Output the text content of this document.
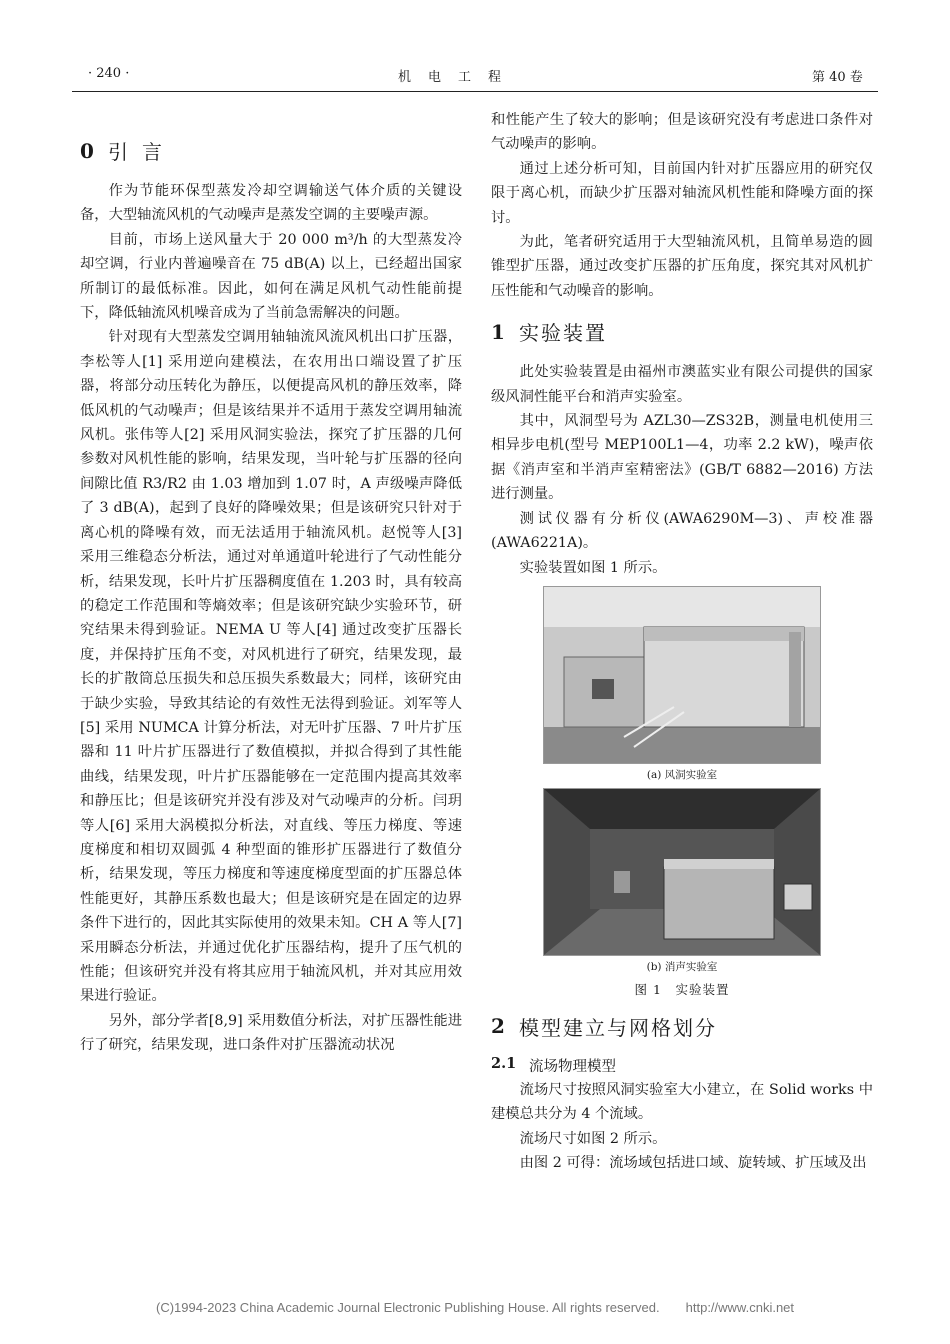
· 240 ·	机　电　工　程	第 40 卷
0 引言

作为节能环保型蒸发冷却空调输送气体介质的关键设备，大型轴流风机的气动噪声是蒸发空调的主要噪声源。

目前，市场上送风量大于 20 000 m³/h 的大型蒸发冷却空调，行业内普遍噪音在 75 dB(A) 以上，已经超出国家所制订的最低标准。因此，如何在满足风机气动性能前提下，降低轴流风机噪音成为了当前急需解决的问题。

针对现有大型蒸发空调用轴轴流风流风机出口扩压器，李松等人[1] 采用逆向建模法，在农用出口端设置了扩压器，将部分动压转化为静压，以便提高风机的静压效率，降低风机的气动噪声；但是该结果并不适用于蒸发空调用轴流风机。张伟等人[2] 采用风洞实验法，探究了扩压器的几何参数对风机性能的影响，结果发现，当叶轮与扩压器的径向间隙比值 R3/R2 由 1.03 增加到 1.07 时，A 声级噪声降低了 3 dB(A)，起到了良好的降噪效果；但是该研究只针对于离心机的降噪有效，而无法适用于轴流风机。赵悦等人[3] 采用三维稳态分析法，通过对单通道叶轮进行了气动性能分析，结果发现，长叶片扩压器稠度值在 1.203 时，具有较高的稳定工作范围和等熵效率；但是该研究缺少实验环节，研究结果未得到验证。NEMA U 等人[4] 通过改变扩压器长度，并保持扩压角不变，对风机进行了研究，结果发现，最长的扩散筒总压损失和总压损失系数最大；同样，该研究由于缺少实验，导致其结论的有效性无法得到验证。刘军等人[5] 采用 NUMCA 计算分析法，对无叶扩压器、7 叶片扩压器和 11 叶片扩压器进行了数值模拟，并拟合得到了其性能曲线，结果发现，叶片扩压器能够在一定范围内提高其效率和静压比；但是该研究并没有涉及对气动噪声的分析。闫玥等人[6] 采用大涡模拟分析法，对直线、等压力梯度、等速度梯度和相切双圆弧 4 种型面的锥形扩压器进行了数值分析，结果发现，等压力梯度和等速度梯度型面的扩压器总体性能更好，其静压系数也最大；但是该研究是在固定的边界条件下进行的，因此其实际使用的效果未知。CH A 等人[7] 采用瞬态分析法，并通过优化扩压器结构，提升了压气机的性能；但该研究并没有将其应用于轴流风机，并对其应用效果进行验证。

另外，部分学者[8,9] 采用数值分析法，对扩压器性能进行了研究，结果发现，进口条件对扩压器流动状况

和性能产生了较大的影响；但是该研究没有考虑进口条件对气动噪声的影响。

通过上述分析可知，目前国内针对扩压器应用的研究仅限于离心机，而缺少扩压器对轴流风机性能和降噪方面的探讨。

为此，笔者研究适用于大型轴流风机，且简单易造的圆锥型扩压器，通过改变扩压器的扩压角度，探究其对风机扩压性能和气动噪音的影响。

1 实验装置

此处实验装置是由福州市澳蓝实业有限公司提供的国家级风洞性能平台和消声实验室。

其中，风洞型号为 AZL30—ZS32B，测量电机使用三相异步电机(型号 MEP100L1—4，功率 2.2 kW)，噪声依据《消声室和半消声室精密法》(GB/T 6882—2016) 方法进行测量。

测试仪器有分析仪(AWA6290M—3)、声校准器(AWA6221A)。

实验装置如图 1 所示。

(a) 风洞实验室
(b) 消声实验室
图 1　实验装置
2 模型建立与网格划分
2.1 流场物理模型

流场尺寸按照风洞实验室大小建立，在 Solid works 中建模总共分为 4 个流域。

流场尺寸如图 2 所示。

由图 2 可得：流场域包括进口域、旋转域、扩压域及出

(C)1994-2023 China Academic Journal Electronic Publishing House. All rights reserved.　　http://www.cnki.net
